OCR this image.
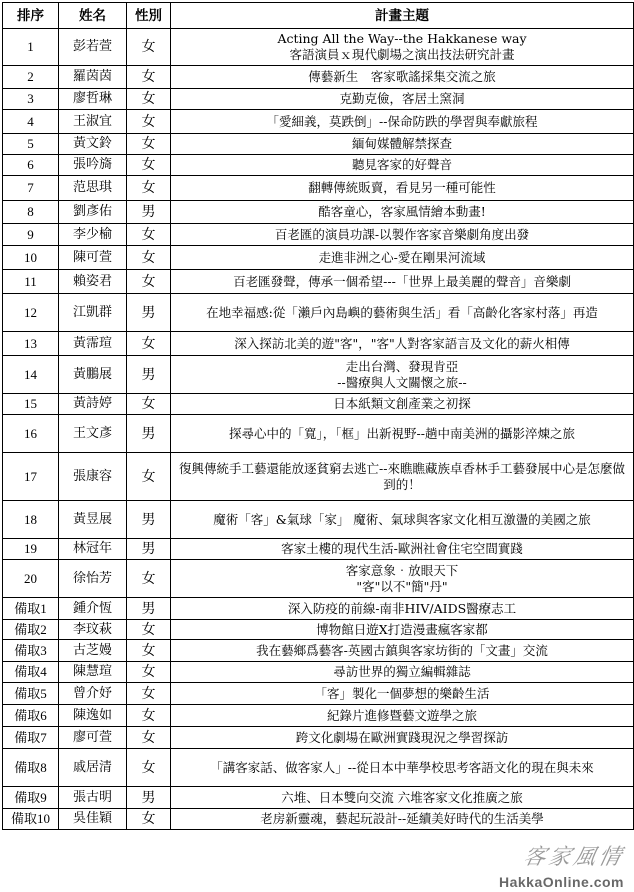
排序	姓名	性別	計畫主題
1	彭若萱	女	Acting All the Way--the Hakkanese way
客語演員ｘ現代劇場之演出技法研究計畫

2	羅茵茵	女	傳藝新生　客家歌謠採集交流之旅

3	廖哲琳	女	克勤克儉，客居土窯洞

4	王淑宜	女	「愛細義，莫跌倒」--保命防跌的學習與奉獻旅程

5	黃文鈴	女	緬甸媒體解禁探查

6	張吟旖	女	聽見客家的好聲音

7	范思琪	女	翻轉傳統販賣，看見另一種可能性

8	劉彥佑	男	酷客童心，客家風情繪本動畫!

9	李少榆	女	百老匯的演員功課-以製作客家音樂劇角度出發

10	陳可萱	女	走進非洲之心-愛在剛果河流域

11	賴姿君	女	百老匯發聲，傳承一個希望---「世界上最美麗的聲音」音樂劇

12	江凱群	男	在地幸福感:從「瀨戶內島嶼的藝術與生活」看「高齡化客家村落」再造

13	黃霈瑄	女	深入探訪北美的遊"客"，"客"人對客家語言及文化的薪火相傳

14	黃鵬展	男	走出台灣、發現肯亞
--醫療與人文關懷之旅--

15	黃詩婷	女	日本紙類文創產業之初探

16	王文彥	男	探尋心中的「寬」，「框」出新視野--趟中南美洲的攝影淬煉之旅

17	張康容	女	復興傳統手工藝還能放逐貧窮去逃亡--來瞧瞧藏族卓香林手工藝發展中心是怎麼做到的！

18	黃昱展	男	魔術「客」&氣球「家」 魔術、氣球與客家文化相互激盪的美國之旅

19	林冠年	男	客家土樓的現代生活-歐洲社會住宅空間實踐

20	徐怡芳	女	客家意象‧放眼天下
"客"以不"簡"丹"

備取1	鍾介恆	男	深入防疫的前線-南非HIV/AIDS醫療志工

備取2	李玟萩	女	博物館日遊X打造漫畫瘋客家都

備取3	古芝嫚	女	我在藝鄉爲藝客-英國古鎮與客家坊街的「文畫」交流

備取4	陳慧瑄	女	尋訪世界的獨立編輯雜誌

備取5	曾介妤	女	「客」製化一個夢想的樂齡生活

備取6	陳逸如	女	紀錄片進修暨藝文遊學之旅

備取7	廖可萱	女	跨文化劇場在歐洲實踐現況之學習探訪

備取8	戚居清	女	「講客家話、做客家人」--從日本中華學校思考客語文化的現在與未來

備取9	張古明	男	六堆、日本雙向交流 六堆客家文化推廣之旅

備取10	吳佳穎	女	老房新靈魂，藝起玩設計--延續美好時代的生活美學
客家風情
HakkaOnline.com
